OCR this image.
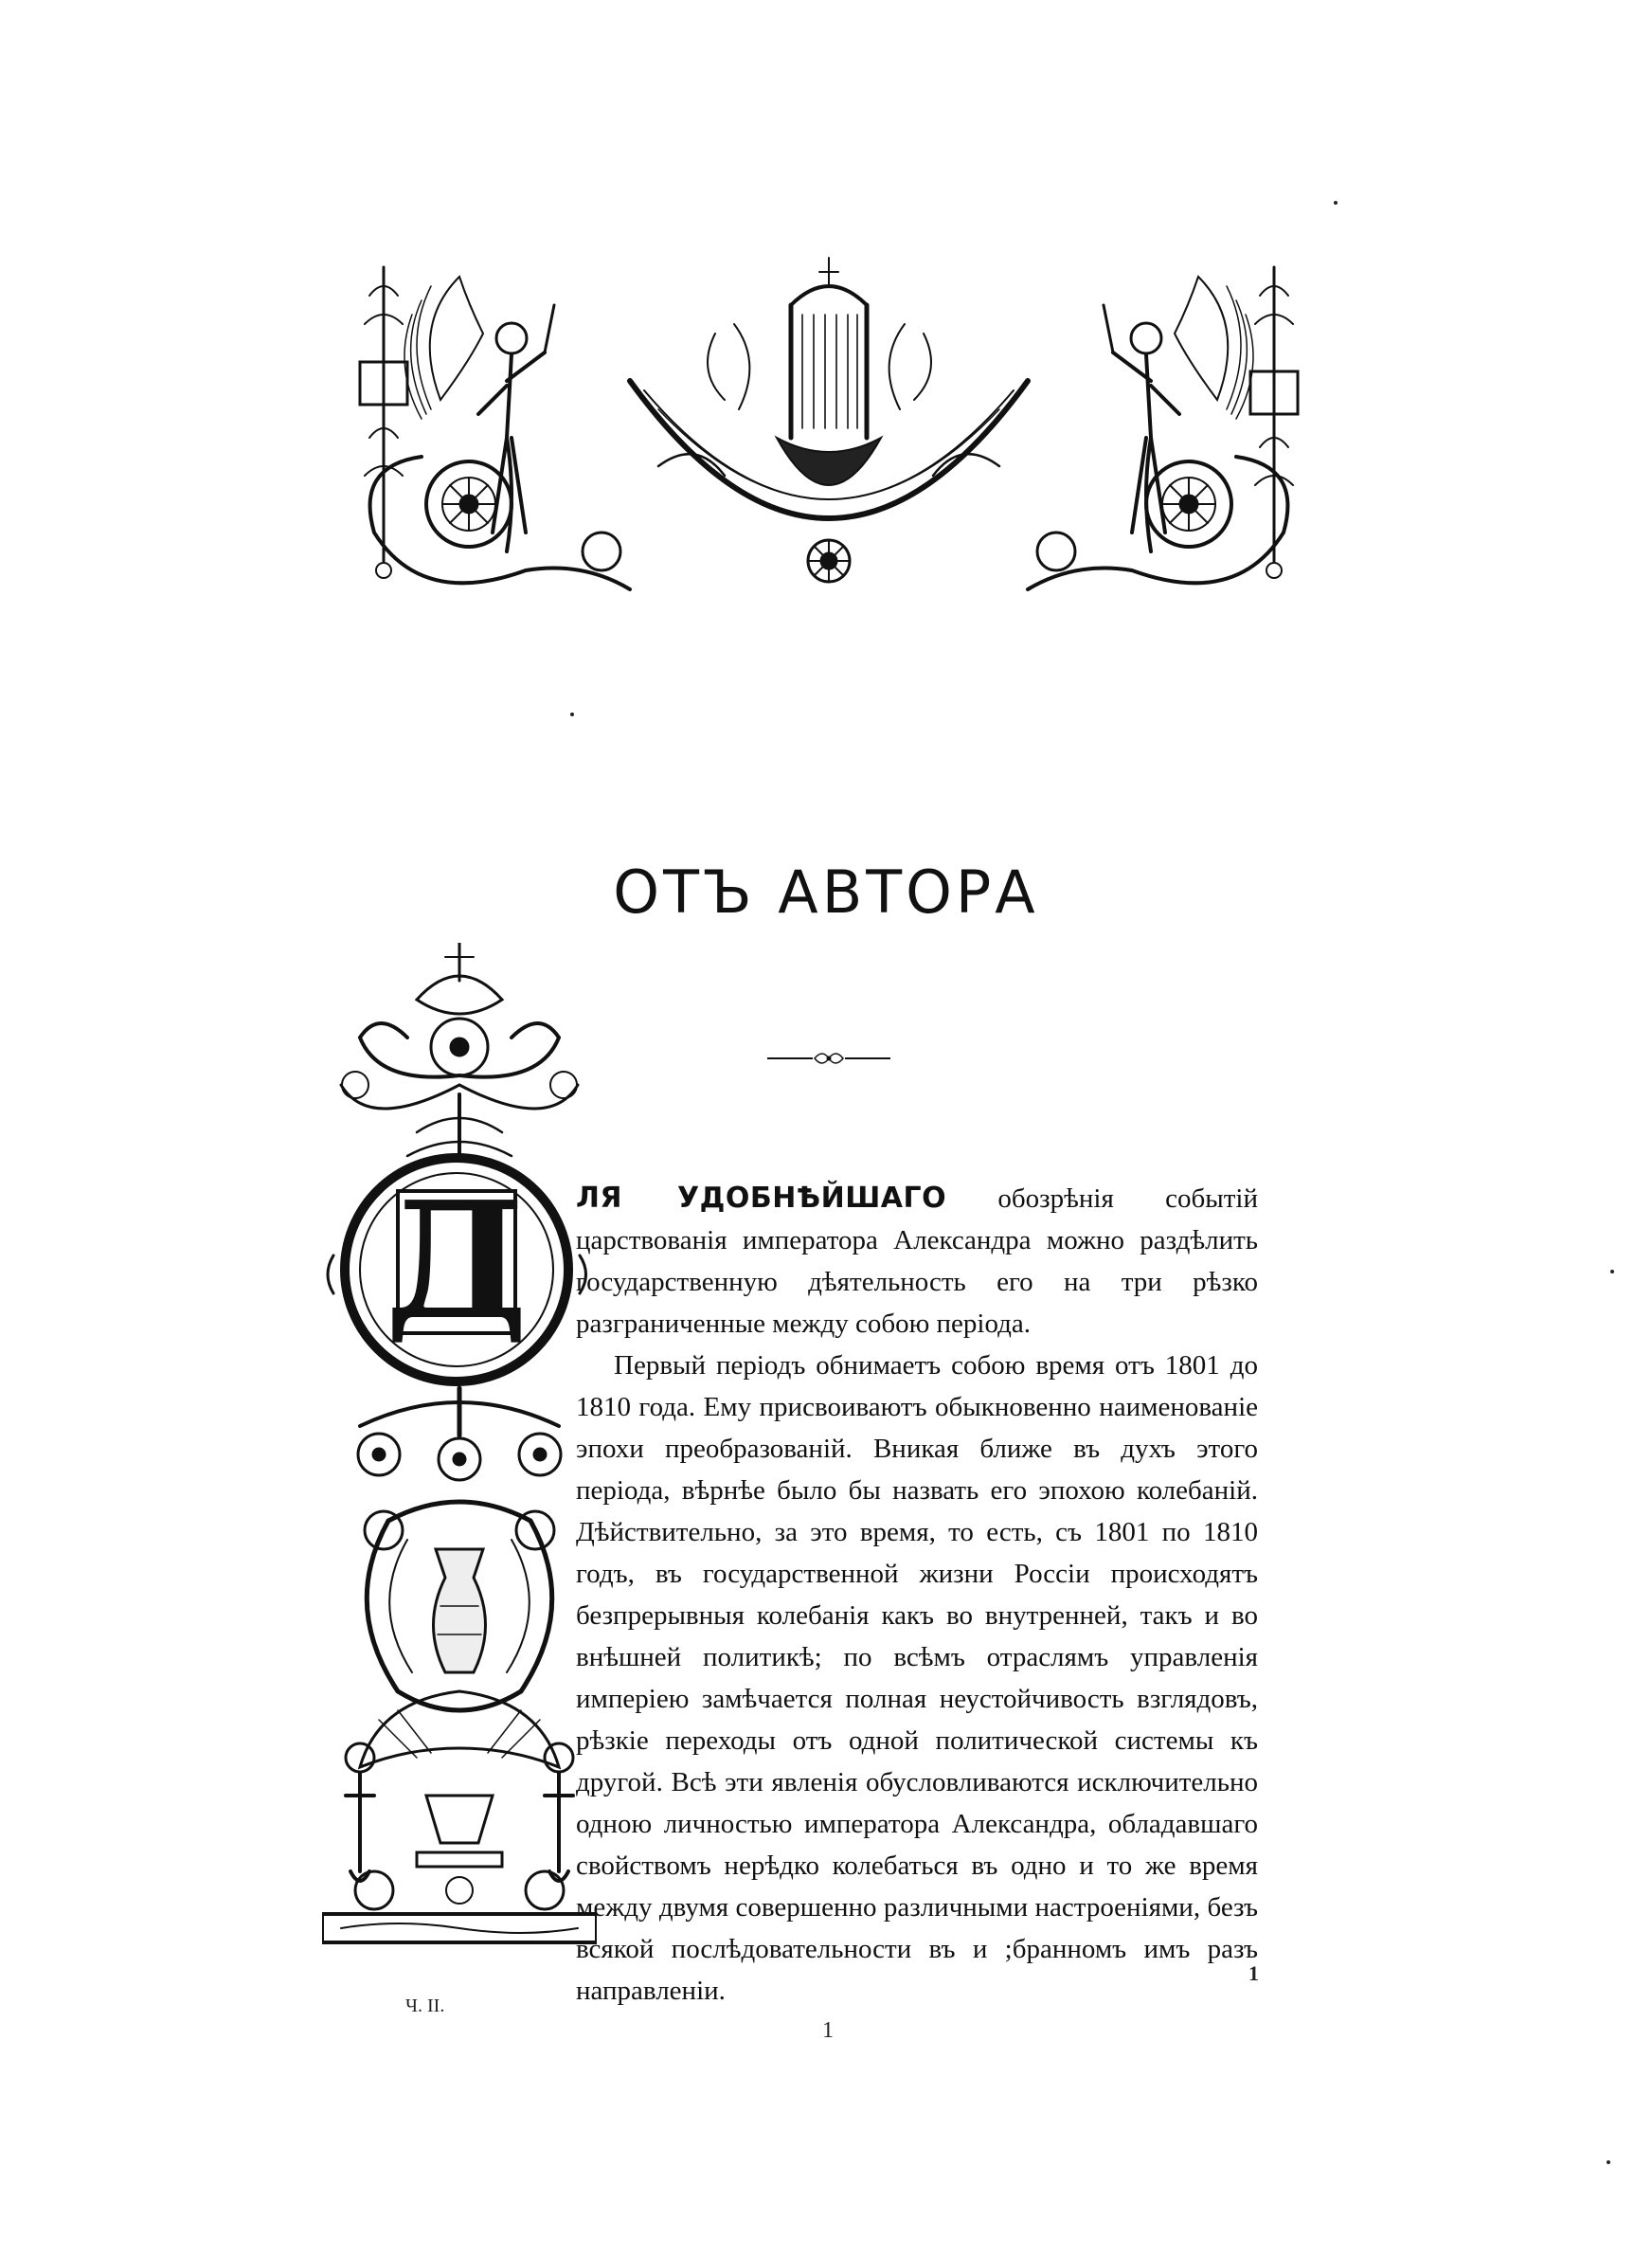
ОТЪ АВТОРА
Д ЛЯ УДОБНѢЙШАГО обозрѣнія событій царствованія императора Александра можно раздѣлить государственную дѣятельность его на три рѣзко разграниченные между собою періода.

Первый періодъ обнимаетъ собою время отъ 1801 до 1810 года. Ему присвоиваютъ обыкновенно наименованіе эпохи преобразованій. Вникая ближе въ духъ этого періода, вѣрнѣе было бы назвать его эпохою колебаній. Дѣйствительно, за это время, то есть, съ 1801 по 1810 годъ, въ государственной жизни Россіи происходятъ безпрерывныя колебанія какъ во внутренней, такъ и во внѣшней политикѣ; по всѣмъ отраслямъ управленія имперіею замѣчается полная неустойчивость взглядовъ, рѣзкіе переходы отъ одной политической системы къ другой. Всѣ эти явленія обусловливаются исключительно одною личностью императора Александра, обладавшаго свойствомъ нерѣдко колебаться въ одно и то же время между двумя совершенно различными настроеніями, безъ всякой послѣдовательности въ и ;бранномъ имъ разъ направленіи.

Ч. II.
1
1
